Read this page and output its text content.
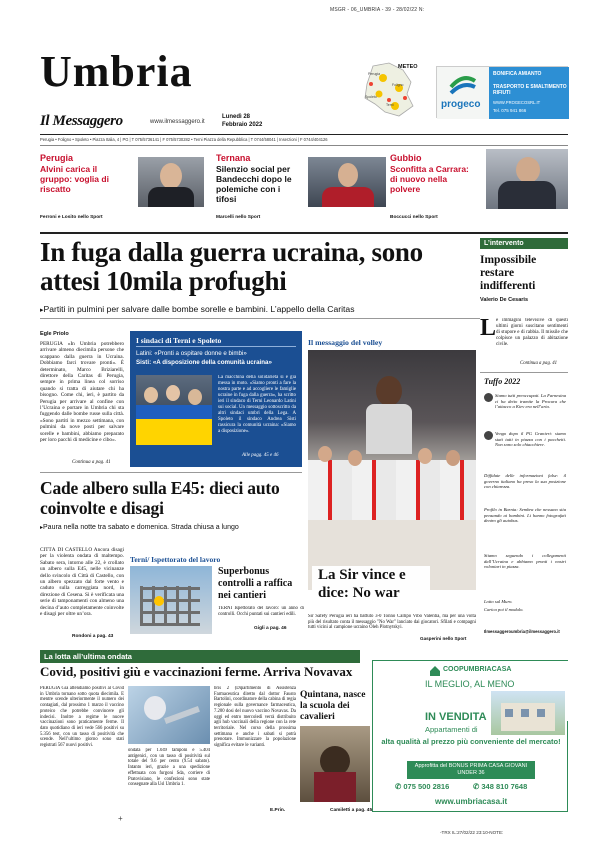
MSGR - 06_UMBRIA - 39 - 28/02/22 N:
Umbria
Il Messaggero	www.ilmessaggero.it
Lunedì 28
Febbraio 2022
METEO
Perugia
Foligno
Terni
Spoleto
progeco
BONIFICA AMIANTO
TRASPORTO E SMALTIMENTO RIFIUTI
WWW.PROGECOSRL.IT
Tel. 075 941 866
Perugia • Foligno • Spoleto • Piazza Italia, 4 | PG | T 075/5736141 | F 075/5730282 • Terni Piazza della Repubblica | T 0744/58041 | Inserzioni | F 0744/404126
Perugia
Alvini carica il gruppo: voglia di riscatto
Ferroni e Losito nello Sport
Ternana
Silenzio social per Bandecchi dopo le polemiche con i tifosi
Marcelli nello Sport
Gubbio
Sconfitta a Carrara: di nuovo nella polvere
Boccucci nello Sport
In fuga dalla guerra ucraina, sono attesi 10mila profughi
▸Partiti in pulmini per salvare dalle bombe sorelle e bambini. L’appello della Caritas
L’intervento
Impossibile restare indifferenti
Valerio De Cesaris
Egle Priolo
PERUGIA «In Umbria potrebbero arrivare almeno diecimila persone che scappano dalla guerra in Ucraina. Dobbiamo farci trovare pronti». È determinato, Marco Briziarelli, direttore della Caritas di Perugia, sempre in prima linea col sorriso quando si tratta di aiutare chi ha bisogno. Come chi, ieri, è partito da Perugia per arrivare al confine con l’Ucraina e portare in Umbria chi sta fuggendo dalle bombe russe sulla città. «Sono partiti in mezzo settimana, con pulmini da nove posti per salvare sorelle e bambini, abbiamo preparato per loro pacchi di medicine e cibo».
Continua a pag. 41
I sindaci di Terni e Spoleto
Latini: «Pronti a ospitare donne e bimbi»
Sisti: «A disposizione della comunità ucraina»
La macchina della solidarietà si è già messa in moto. «Siamo pronti a fare la nostra parte e ad accogliere le famiglie ucraine in fuga dalla guerra», ha scritto ieri il sindaco di Terni Leonardo Latini sui social. Un messaggio sottoscritto da altri sindaci umbri della Lega. A Spoleto il sindaco Andrea Sisti rassicura la comunità ucraina: «Siamo a disposizione».
Alle pagg. 45 e 46
Il messaggio del volley
La Sir vince e dice: No war
Sir Safety Perugia ieri ha battuto 3-0 Tonno Callipo Vibo Valentia, ma per una volta più del risultato conta il messaggio "No War" lanciato dai giocatori. Sfilati e compagni tutti vicini al campione ucraino Oleh Plotnytskyi.
Gasperini nello Sport
L e immagini televisive di questi ultimi giorni suscitano sentimenti di stupore e di rabbia. Il missile che colpisce un palazzo di abitazione civile.
Continua a pag. 41
Tuffo 2022
Siamo tutti preoccupati. La Farnesina ci ha detto tramite la Procura che l’attacco a Kiev era nell’aria.
Vengo dopo il PG Granieri: siamo stati tutti in piazza con i pacchetti. Non sono solo chiacchiere.
Diffidate delle informazioni false: il governo italiano ha preso la sua posizione con chiarezza.
Profilo in Barnia: Sembra che nessuno stia pensando ai bambini. Li hanno fotografati dentro gli autobus.
Stiamo seguendo i collegamenti dall’Ucraina e abbiamo pronti i nostri volontari in piazza.
Lotto sul Muro.
Carica poi il modulo.
Ilmessaggeroumbria@ilmessaggero.it
Cade albero sulla E45: dieci auto coinvolte e disagi
▸Paura nella notte tra sabato e domenica. Strada chiusa a lungo
CITTÀ DI CASTELLO Ancora disagi per la violenta ondata di maltempo. Sabato sera, intorno alle 22, è crollato un albero sulla E45, nelle vicinanze dello svincolo di Città di Castello, con un albero spezzato dal forte vento e caduto sulla carreggiata nord, in direzione di Cesena. Si è verificata una serie di tamponamenti con almeno una decina d’auto completamente coinvolte e disagi per oltre un’ora.
Rondoni a pag. 43
Terni/ Ispettorato del lavoro
Superbonus controlli a raffica nei cantieri
TERNI Ispettorato del lavoro: un anno di controlli. Occhi puntati sui cantieri edili.
Gigli a pag. 46
La lotta all’ultima ondata
Covid, positivi giù e vaccinazioni ferme. Arriva Novavax
PERUGIA Già attendiamo positivi al Covid in Umbria tornano sotto quota diecimila. E mentre scende ulteriormente il numero dei contagiati, dal prossimo 1 marzo il vaccino proteico che potrebbe convincere gli indecisi. Inoltre a regime le nuove vaccinazioni sono praticamente ferme. Il dato quotidiano di ieri vede 566 positivi su 5.356 test, con un tasso di positività che scende. Nell’ultimo giorno sono stati registrati 567 nuovi positivi.
ondata per 1.049 tamponi e 5.404 antigenici, con un tasso di positività sul totale del 9.6 per cento (9.54 sabato). Intanto ieri, grazie a una spedizione effettuata con furgoni Sda, corriere di Pratovisiano, le confezioni sono state consegnate alla Usl Umbria 1.
bris 2 (Dipartimento di Assistenza Farmaceutica diretto dal dottor Fausto Bartolini, coordinatore della cabina di regia regionale sulla governance farmaceutica, 7.200 dosi del nuovo vaccino Novavax. Da oggi ed entro mercoledì verrà distribuito agli hub vaccinali della regione con la rete territoriale. Nel corso della prossima settimana e anche i sabati si potrà prenotare. Immunizzare la popolazione significa evitare le varianti.
E.Prin.
Quintana, nasce la scuola dei cavalieri
Camiletti a pag. 45
COOPUMBRIACASA
IL MEGLIO, AL MENO
IN VENDITA
Appartamenti di
alta qualità al prezzo più conveniente del mercato!
Approfitta del BONUS PRIMA CASA GIOVANI UNDER 36
✆ 075 500 2816	✆ 348 810 7648
www.umbriacasa.it
+
-TRX IL:27/02/22 23:10-NOTE:
